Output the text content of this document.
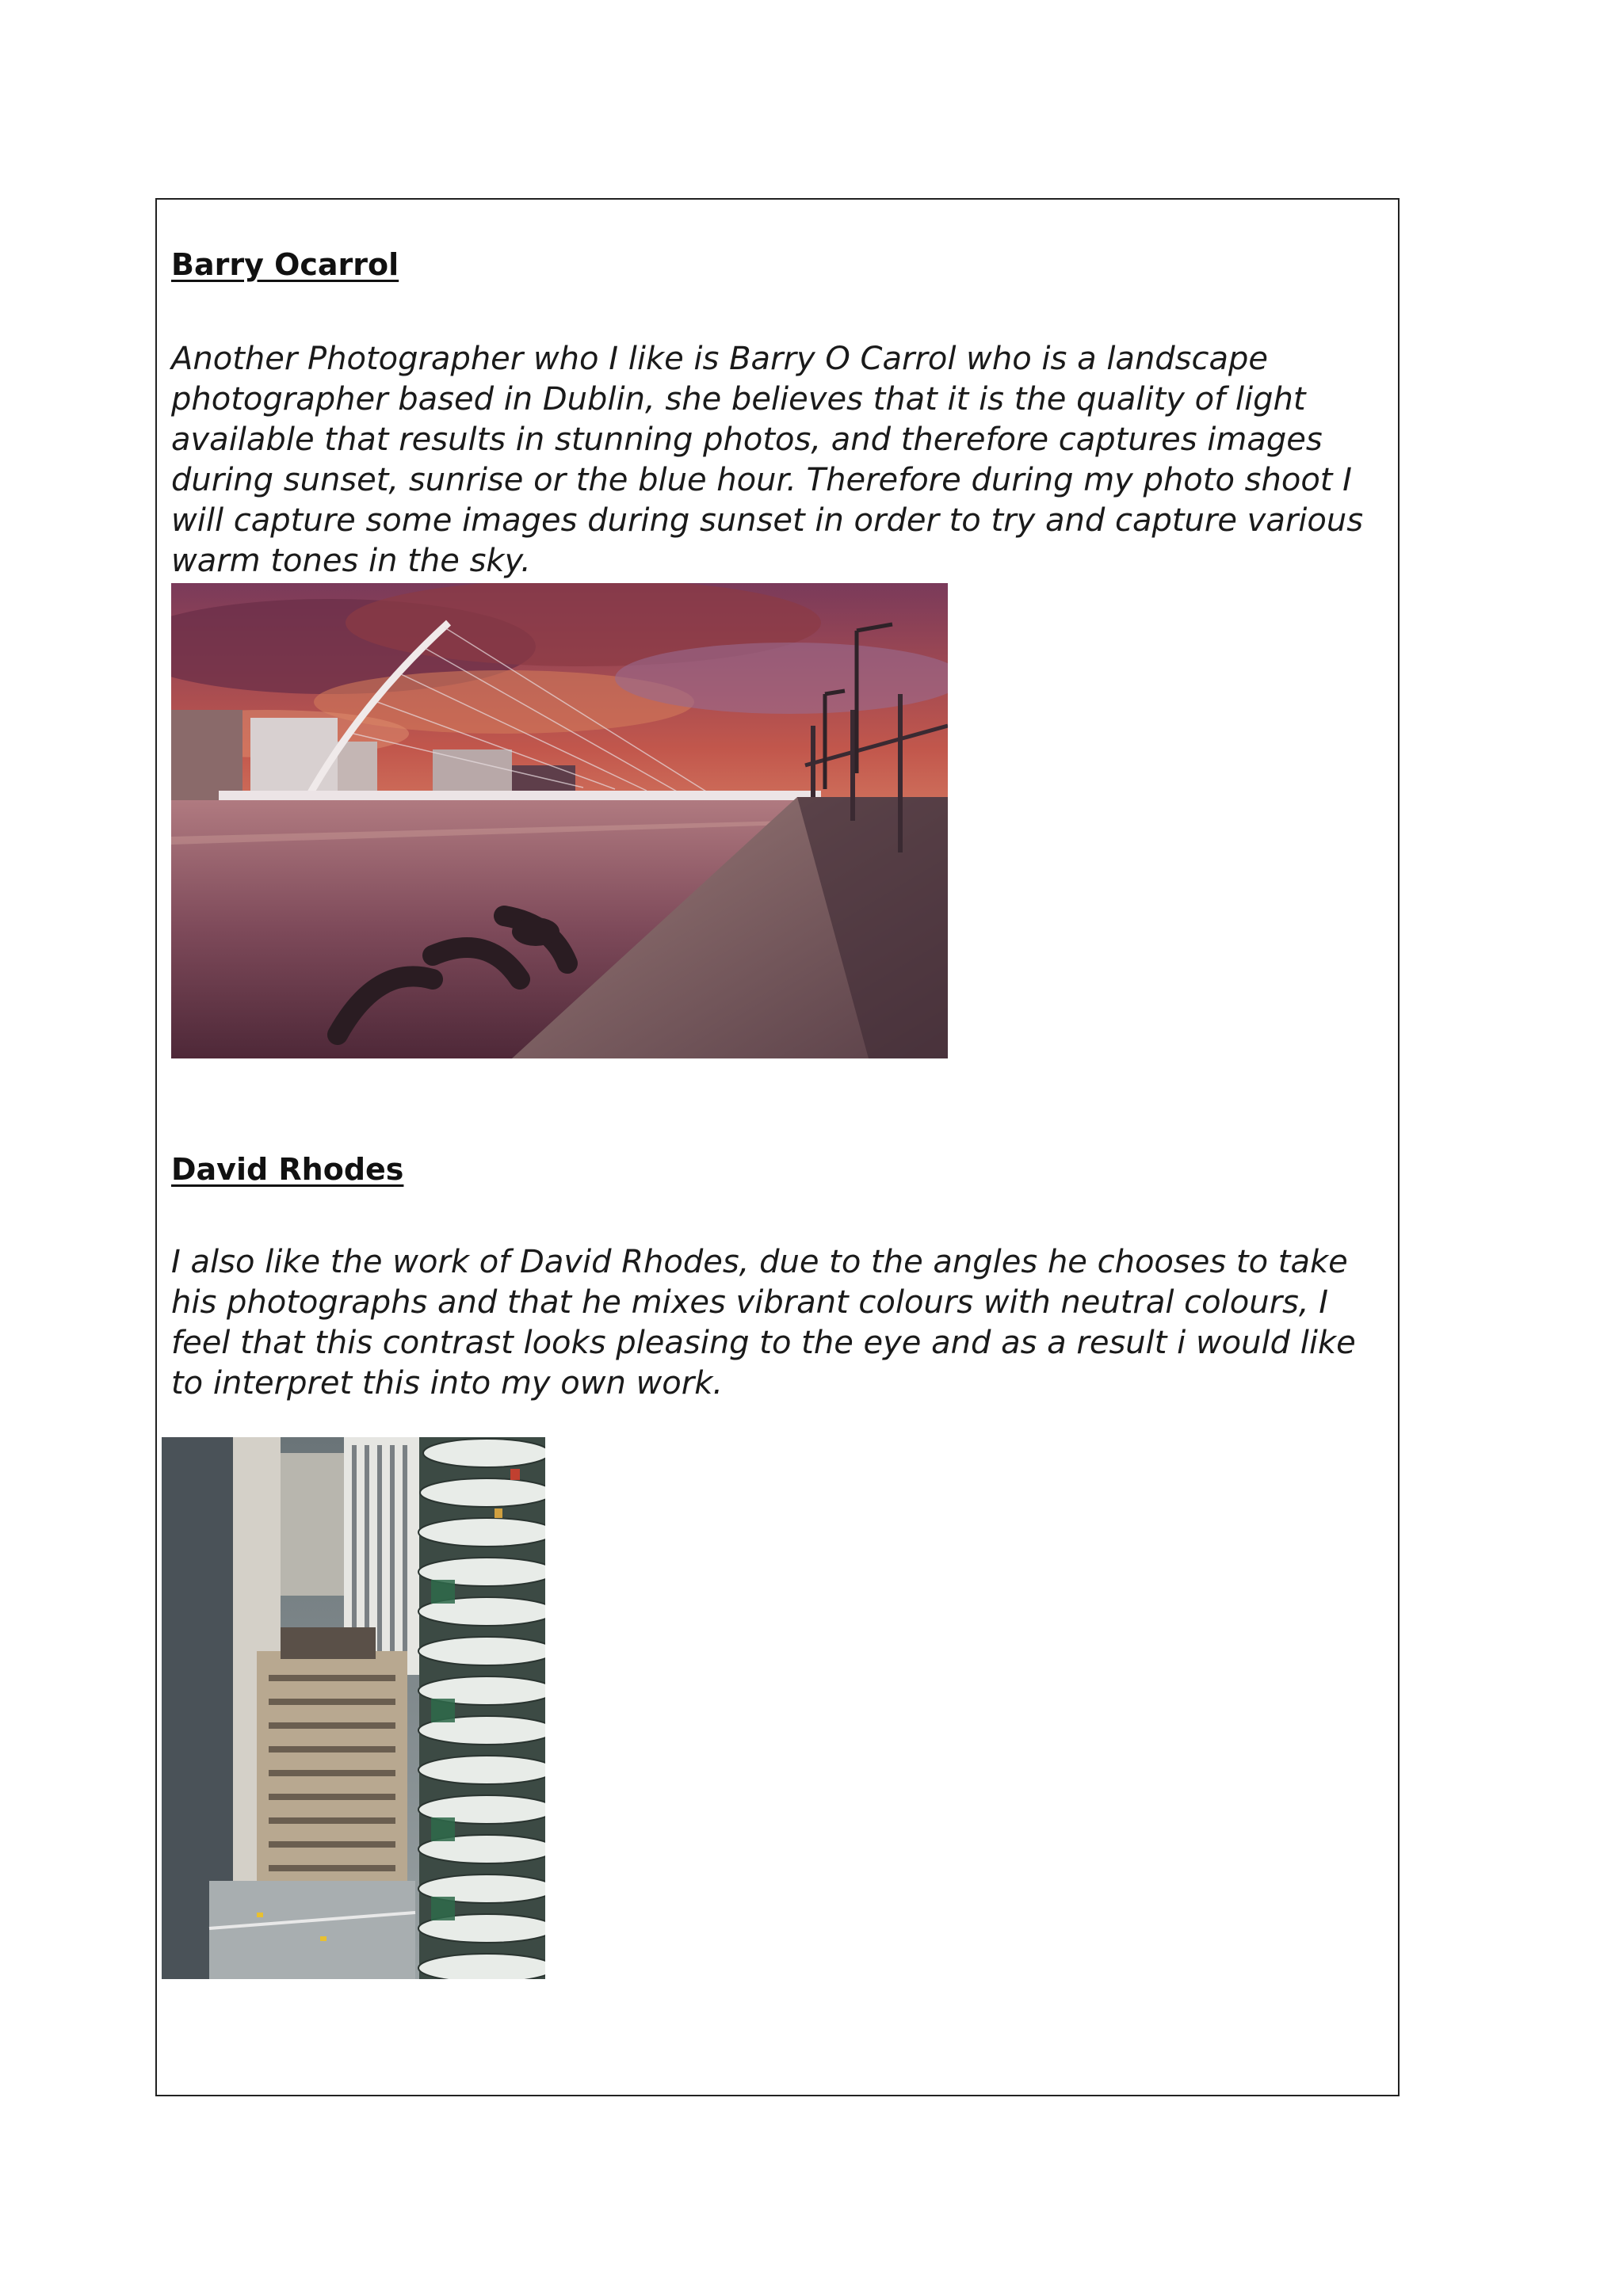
Barry Ocarrol
Another Photographer who I like is Barry O Carrol who is a landscape photographer based in Dublin, she believes that it is the quality of light available that results in stunning photos, and therefore captures images during sunset, sunrise or the blue hour. Therefore during my photo shoot I will capture some images during sunset in order to try and capture various warm tones in the sky.
David Rhodes
I also like the work of David Rhodes, due to the angles he chooses to take his photographs and that he mixes vibrant colours with neutral colours, I feel that this contrast looks pleasing to the eye and as a result i would like to interpret this into my own work.
